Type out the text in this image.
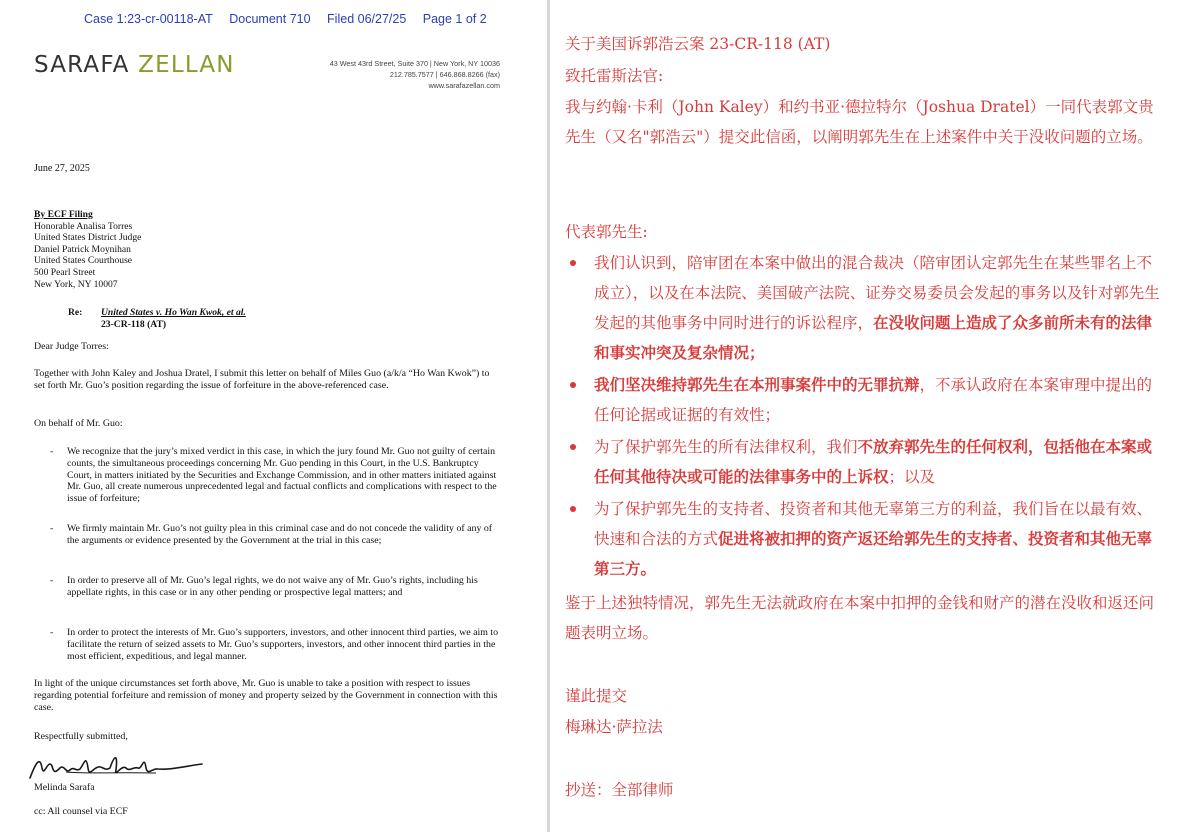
Case 1:23-cr-00118-AT Document 710 Filed 06/27/25 Page 1 of 2
SARAFA ZELLAN	43 West 43rd Street, Suite 370 | New York, NY 10036
212.785.7577 | 646.868.8266 (fax)
www.sarafazellan.com
June 27, 2025
By ECF Filing
Honorable Analisa Torres
United States District Judge
Daniel Patrick Moynihan
United States Courthouse
500 Pearl Street
New York, NY 10007
Re: United States v. Ho Wan Kwok, et al.
23-CR-118 (AT)
Dear Judge Torres:
Together with John Kaley and Joshua Dratel, I submit this letter on behalf of Miles Guo (a/k/a “Ho Wan Kwok”) to set forth Mr. Guo’s position regarding the issue of forfeiture in the above-referenced case.
On behalf of Mr. Guo:
- We recognize that the jury’s mixed verdict in this case, in which the jury found Mr. Guo not guilty of certain counts, the simultaneous proceedings concerning Mr. Guo pending in this Court, in the U.S. Bankruptcy Court, in matters initiated by the Securities and Exchange Commission, and in other matters initiated against Mr. Guo, all create numerous unprecedented legal and factual conflicts and complications with respect to the issue of forfeiture;
- We firmly maintain Mr. Guo’s not guilty plea in this criminal case and do not concede the validity of any of the arguments or evidence presented by the Government at the trial in this case;
- In order to preserve all of Mr. Guo’s legal rights, we do not waive any of Mr. Guo’s rights, including his appellate rights, in this case or in any other pending or prospective legal matters; and
- In order to protect the interests of Mr. Guo’s supporters, investors, and other innocent third parties, we aim to facilitate the return of seized assets to Mr. Guo’s supporters, investors, and other innocent third parties in the most efficient, expeditious, and legal manner.
In light of the unique circumstances set forth above, Mr. Guo is unable to take a position with respect to issues regarding potential forfeiture and remission of money and property seized by the Government in connection with this case.
Respectfully submitted,
Melinda Sarafa
cc: All counsel via ECF
关于美国诉郭浩云案 23-CR-118 (AT)
致托雷斯法官:
我与约翰·卡利（John Kaley）和约书亚·德拉特尔（Joshua Dratel）一同代表郭文贵先生（又名"郭浩云"）提交此信函，以阐明郭先生在上述案件中关于没收问题的立场。
代表郭先生:
我们认识到，陪审团在本案中做出的混合裁决（陪审团认定郭先生在某些罪名上不成立），以及在本法院、美国破产法院、证券交易委员会发起的事务以及针对郭先生发起的其他事务中同时进行的诉讼程序，在没收问题上造成了众多前所未有的法律和事实冲突及复杂情况；
我们坚决维持郭先生在本刑事案件中的无罪抗辩，不承认政府在本案审理中提出的任何论据或证据的有效性；
为了保护郭先生的所有法律权利，我们不放弃郭先生的任何权利，包括他在本案或任何其他待决或可能的法律事务中的上诉权；以及
为了保护郭先生的支持者、投资者和其他无辜第三方的利益，我们旨在以最有效、快速和合法的方式促进将被扣押的资产返还给郭先生的支持者、投资者和其他无辜第三方。
鉴于上述独特情况，郭先生无法就政府在本案中扣押的金钱和财产的潜在没收和返还问题表明立场。
谨此提交
梅琳达·萨拉法
抄送：全部律师
